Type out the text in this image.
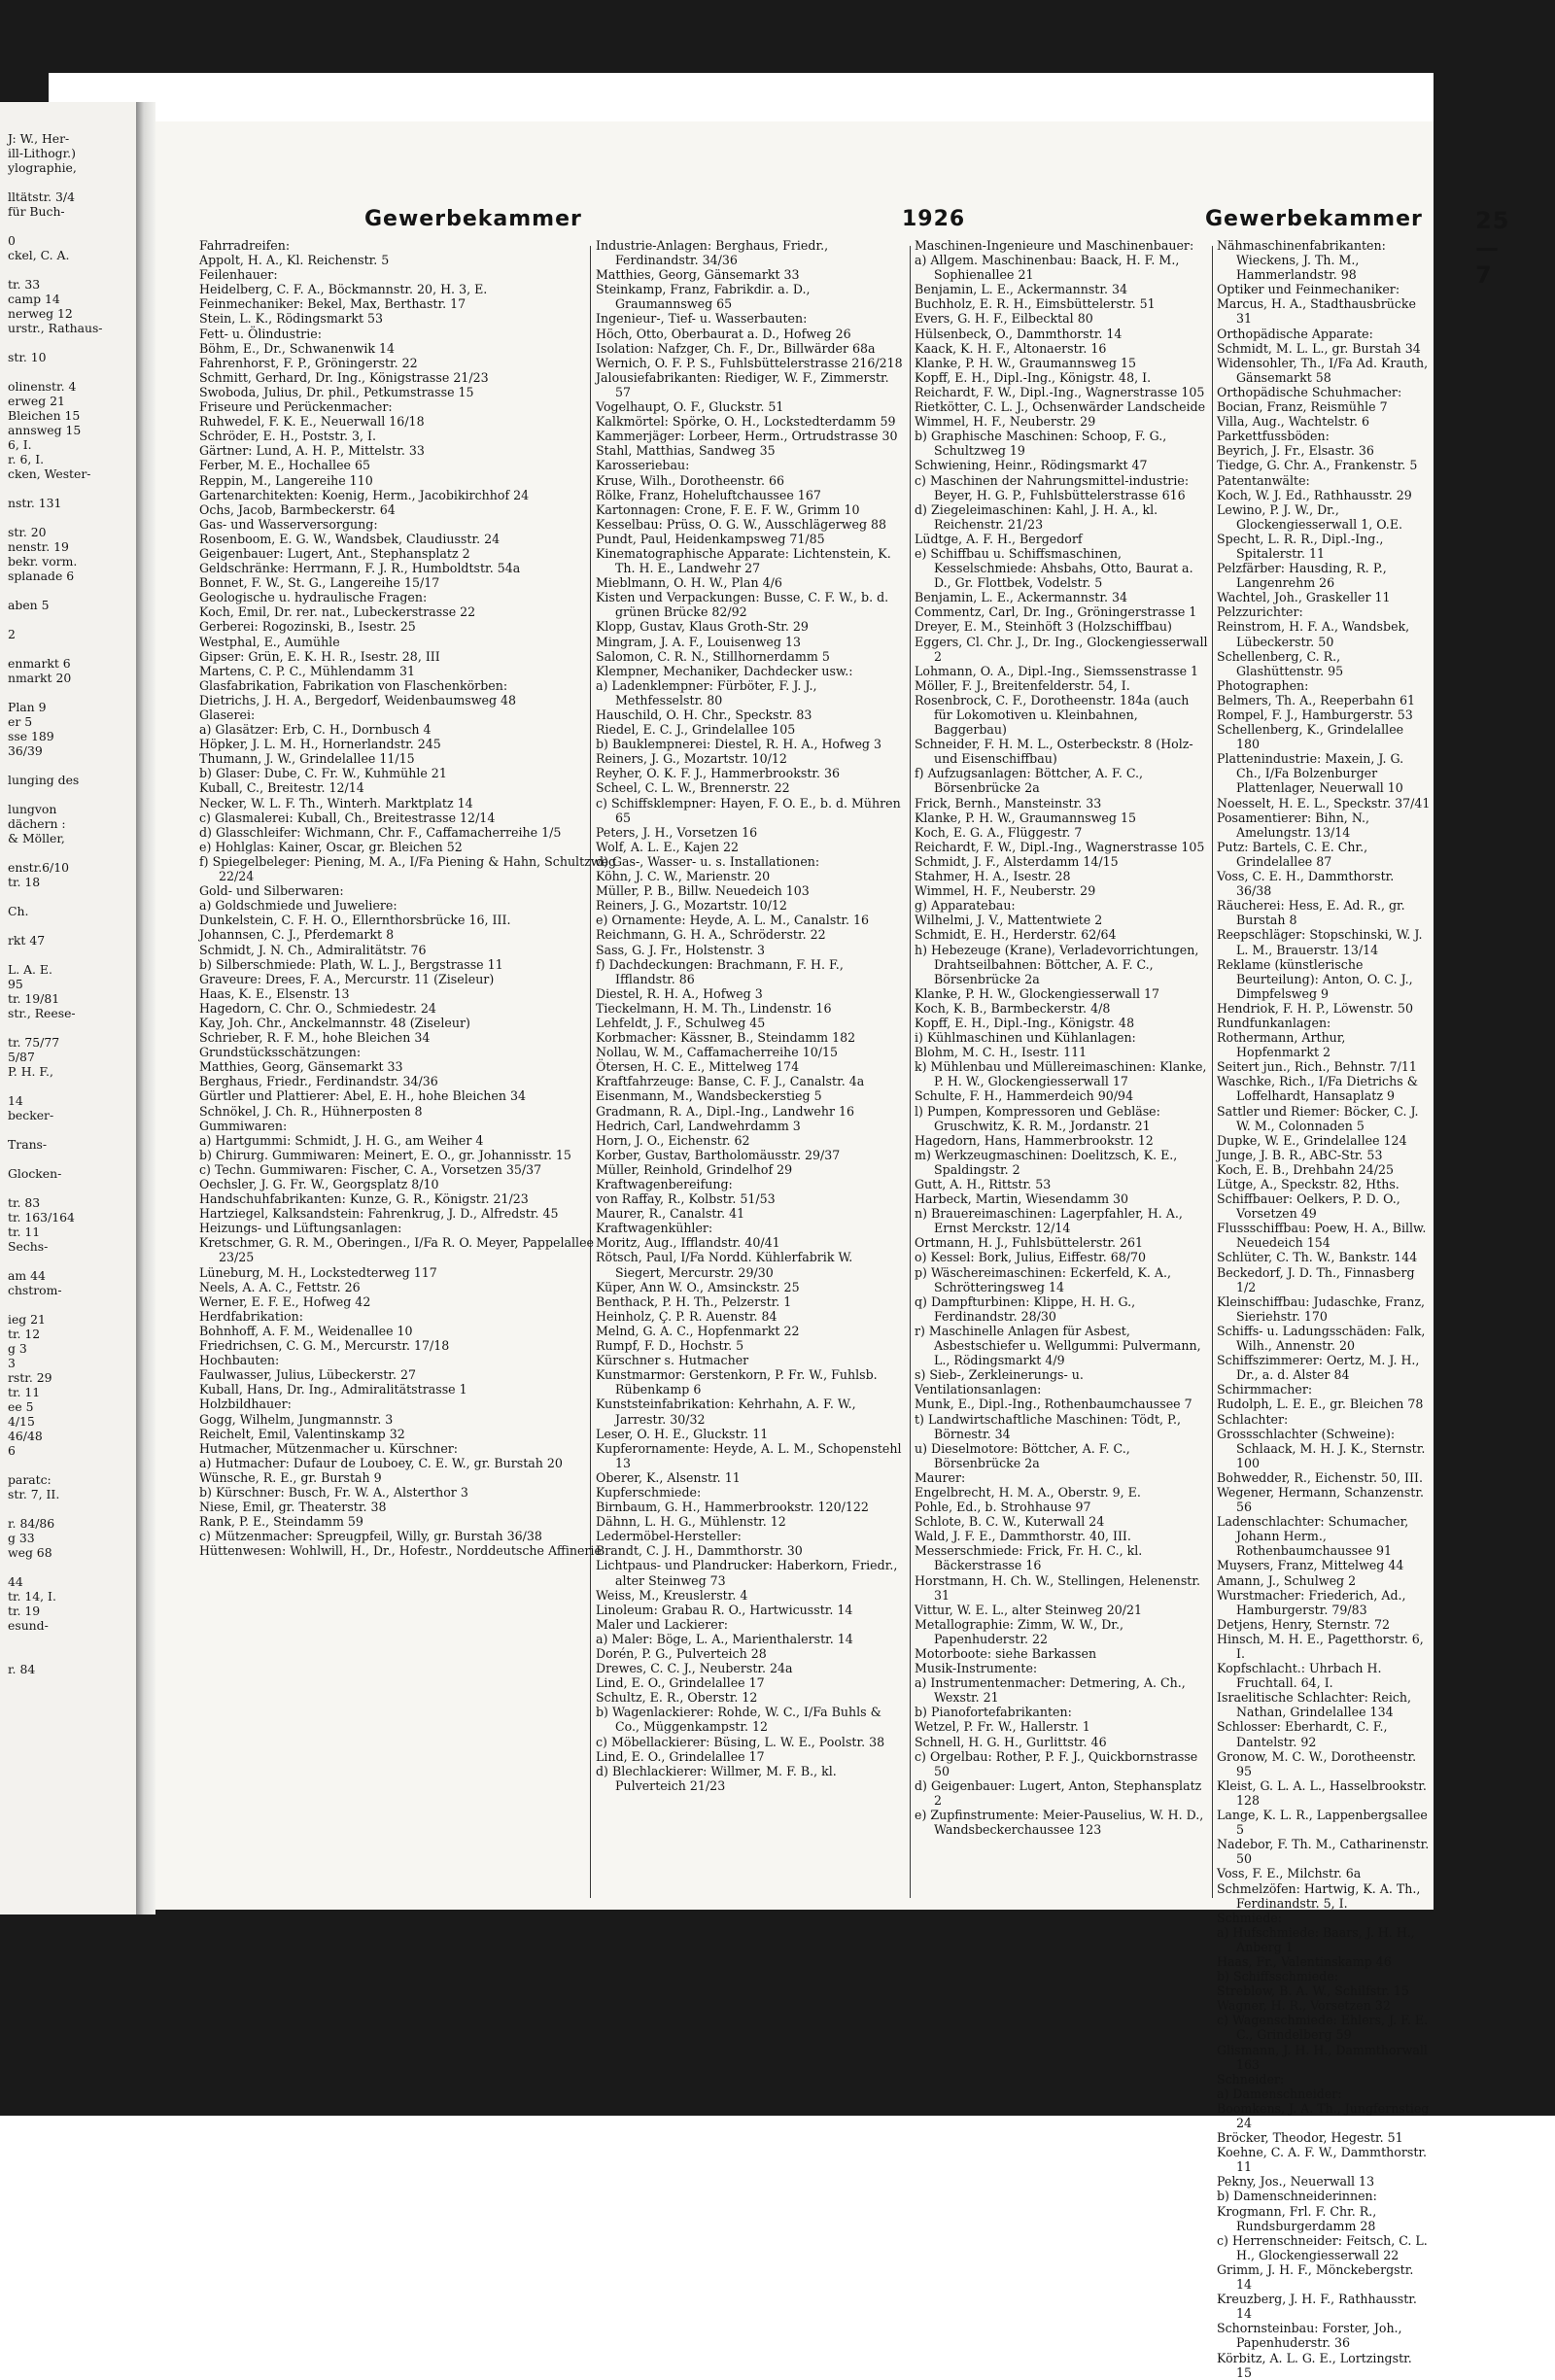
J: W., Her-

ill-Lithogr.)

ylographie,

lltätstr. 3/4

für Buch-

0

ckel, C. A.

tr. 33

camp 14

nerweg 12

urstr., Rathaus-

str. 10

olinenstr. 4

erweg 21

Bleichen 15

annsweg 15

6, I.

r. 6, I.

cken, Wester-

nstr. 131

str. 20

nenstr. 19

bekr. vorm.

splanade 6

aben 5

2

enmarkt 6

nmarkt 20

Plan 9

er 5

sse 189

36/39

lunging des

lungvon

dächern :

& Möller,

enstr.6/10

tr. 18

Ch.

rkt 47

L. A. E.

95

tr. 19/81

str., Reese-

tr. 75/77

5/87

P. H. F.,

14

becker-

Trans-

Glocken-

tr. 83

tr. 163/164

tr. 11

Sechs-

am 44

chstrom-

ieg 21

tr. 12

g 3

3

rstr. 29

tr. 11

ee 5

4/15

46/48

6

paratc:

str. 7, II.

r. 84/86

g 33

weg 68

44

tr. 14, I.

tr. 19

esund-

r. 84

Gewerbekammer	1926	Gewerbekammer 25—7

Fahrradreifen:

Appolt, H. A., Kl. Reichenstr. 5

Feilenhauer:

Heidelberg, C. F. A., Böckmannstr. 20, H. 3, E.

Feinmechaniker: Bekel, Max, Berthastr. 17

Stein, L. K., Rödingsmarkt 53

Fett- u. Ölindustrie:

Böhm, E., Dr., Schwanenwik 14

Fahrenhorst, F. P., Gröningerstr. 22

Schmitt, Gerhard, Dr. Ing., Königstrasse 21/23

Swoboda, Julius, Dr. phil., Petkumstrasse 15

Friseure und Perückenmacher:

Ruhwedel, F. K. E., Neuerwall 16/18

Schröder, E. H., Poststr. 3, I.

Gärtner: Lund, A. H. P., Mittelstr. 33

Ferber, M. E., Hochallee 65

Reppin, M., Langereihe 110

Gartenarchitekten: Koenig, Herm., Jacobikirchhof 24

Ochs, Jacob, Barmbeckerstr. 64

Gas- und Wasserversorgung:

Rosenboom, E. G. W., Wandsbek, Claudiusstr. 24

Geigenbauer: Lugert, Ant., Stephansplatz 2

Geldschränke: Herrmann, F. J. R., Humboldtstr. 54a

Bonnet, F. W., St. G., Langereihe 15/17

Geologische u. hydraulische Fragen:

Koch, Emil, Dr. rer. nat., Lubeckerstrasse 22

Gerberei: Rogozinski, B., Isestr. 25

Westphal, E., Aumühle

Gipser: Grün, E. K. H. R., Isestr. 28, III

Martens, C. P. C., Mühlendamm 31

Glasfabrikation, Fabrikation von Flaschenkörben:

Dietrichs, J. H. A., Bergedorf, Weidenbaumsweg 48

Glaserei:

a) Glasätzer: Erb, C. H., Dornbusch 4

Höpker, J. L. M. H., Hornerlandstr. 245

Thumann, J. W., Grindelallee 11/15

b) Glaser: Dube, C. Fr. W., Kuhmühle 21

Kuball, C., Breitestr. 12/14

Necker, W. L. F. Th., Winterh. Marktplatz 14

c) Glasmalerei: Kuball, Ch., Breitestrasse 12/14

d) Glasschleifer: Wichmann, Chr. F., Caffamacherreihe 1/5

e) Hohlglas: Kainer, Oscar, gr. Bleichen 52

f) Spiegelbeleger: Piening, M. A., I/Fa Piening & Hahn, Schultzweg 22/24

Gold- und Silberwaren:

a) Goldschmiede und Juweliere:

Dunkelstein, C. F. H. O., Ellernthorsbrücke 16, III.

Johannsen, C. J., Pferdemarkt 8

Schmidt, J. N. Ch., Admiralitätstr. 76

b) Silberschmiede: Plath, W. L. J., Bergstrasse 11

Graveure: Drees, F. A., Mercurstr. 11 (Ziseleur)

Haas, K. E., Elsenstr. 13

Hagedorn, C. Chr. O., Schmiedestr. 24

Kay, Joh. Chr., Anckelmannstr. 48 (Ziseleur)

Schrieber, R. F. M., hohe Bleichen 34

Grundstücksschätzungen:

Matthies, Georg, Gänsemarkt 33

Berghaus, Friedr., Ferdinandstr. 34/36

Gürtler und Plattierer: Abel, E. H., hohe Bleichen 34

Schnökel, J. Ch. R., Hühnerposten 8

Gummiwaren:

a) Hartgummi: Schmidt, J. H. G., am Weiher 4

b) Chirurg. Gummiwaren: Meinert, E. O., gr. Johannisstr. 15

c) Techn. Gummiwaren: Fischer, C. A., Vorsetzen 35/37

Oechsler, J. G. Fr. W., Georgsplatz 8/10

Handschuhfabrikanten: Kunze, G. R., Königstr. 21/23

Hartziegel, Kalksandstein: Fahrenkrug, J. D., Alfredstr. 45

Heizungs- und Lüftungsanlagen:

Kretschmer, G. R. M., Oberingen., I/Fa R. O. Meyer, Pappelallee 23/25

Lüneburg, M. H., Lockstedterweg 117

Neels, A. A. C., Fettstr. 26

Werner, E. F. E., Hofweg 42

Herdfabrikation:

Bohnhoff, A. F. M., Weidenallee 10

Friedrichsen, C. G. M., Mercurstr. 17/18

Hochbauten:

Faulwasser, Julius, Lübeckerstr. 27

Kuball, Hans, Dr. Ing., Admiralitätstrasse 1

Holzbildhauer:

Gogg, Wilhelm, Jungmannstr. 3

Reichelt, Emil, Valentinskamp 32

Hutmacher, Mützenmacher u. Kürschner:

a) Hutmacher: Dufaur de Louboey, C. E. W., gr. Burstah 20

Wünsche, R. E., gr. Burstah 9

b) Kürschner: Busch, Fr. W. A., Alsterthor 3

Niese, Emil, gr. Theaterstr. 38

Rank, P. E., Steindamm 59

c) Mützenmacher: Spreugpfeil, Willy, gr. Burstah 36/38

Hüttenwesen: Wohlwill, H., Dr., Hofestr., Norddeutsche Affinerie

Industrie-Anlagen: Berghaus, Friedr., Ferdinandstr. 34/36

Matthies, Georg, Gänsemarkt 33

Steinkamp, Franz, Fabrikdir. a. D., Graumannsweg 65

Ingenieur-, Tief- u. Wasserbauten:

Höch, Otto, Oberbaurat a. D., Hofweg 26

Isolation: Nafzger, Ch. F., Dr., Billwärder 68a

Wernich, O. F. P. S., Fuhlsbüttelerstrasse 216/218

Jalousiefabrikanten: Riediger, W. F., Zimmerstr. 57

Vogelhaupt, O. F., Gluckstr. 51

Kalkmörtel: Spörke, O. H., Lockstedterdamm 59

Kammerjäger: Lorbeer, Herm., Ortrudstrasse 30

Stahl, Matthias, Sandweg 35

Karosseriebau:

Kruse, Wilh., Dorotheenstr. 66

Rölke, Franz, Hoheluftchaussee 167

Kartonnagen: Crone, F. E. F. W., Grimm 10

Kesselbau: Prüss, O. G. W., Ausschlägerweg 88

Pundt, Paul, Heidenkampsweg 71/85

Kinematographische Apparate: Lichtenstein, K. Th. H. E., Landwehr 27

Mieblmann, O. H. W., Plan 4/6

Kisten und Verpackungen: Busse, C. F. W., b. d. grünen Brücke 82/92

Klopp, Gustav, Klaus Groth-Str. 29

Mingram, J. A. F., Louisenweg 13

Salomon, C. R. N., Stillhornerdamm 5

Klempner, Mechaniker, Dachdecker usw.:

a) Ladenklempner: Fürböter, F. J. J., Methfesselstr. 80

Hauschild, O. H. Chr., Speckstr. 83

Riedel, E. C. J., Grindelallee 105

b) Bauklempnerei: Diestel, R. H. A., Hofweg 3

Reiners, J. G., Mozartstr. 10/12

Reyher, O. K. F. J., Hammerbrookstr. 36

Scheel, C. L. W., Brennerstr. 22

c) Schiffsklempner: Hayen, F. O. E., b. d. Mühren 65

Peters, J. H., Vorsetzen 16

Wolf, A. L. E., Kajen 22

d) Gas-, Wasser- u. s. Installationen:

Köhn, J. C. W., Marienstr. 20

Müller, P. B., Billw. Neuedeich 103

Reiners, J. G., Mozartstr. 10/12

e) Ornamente: Heyde, A. L. M., Canalstr. 16

Reichmann, G. H. A., Schröderstr. 22

Sass, G. J. Fr., Holstenstr. 3

f) Dachdeckungen: Brachmann, F. H. F., Ifflandstr. 86

Diestel, R. H. A., Hofweg 3

Tieckelmann, H. M. Th., Lindenstr. 16

Lehfeldt, J. F., Schulweg 45

Korbmacher: Kässner, B., Steindamm 182

Nollau, W. M., Caffamacherreihe 10/15

Ötersen, H. C. E., Mittelweg 174

Kraftfahrzeuge: Banse, C. F. J., Canalstr. 4a

Eisenmann, M., Wandsbeckerstieg 5

Gradmann, R. A., Dipl.-Ing., Landwehr 16

Hedrich, Carl, Landwehrdamm 3

Horn, J. O., Eichenstr. 62

Korber, Gustav, Bartholomäusstr. 29/37

Müller, Reinhold, Grindelhof 29

Kraftwagenbereifung:

von Raffay, R., Kolbstr. 51/53

Maurer, R., Canalstr. 41

Kraftwagenkühler:

Moritz, Aug., Ifflandstr. 40/41

Rötsch, Paul, I/Fa Nordd. Kühlerfabrik W. Siegert, Mercurstr. 29/30

Küper, Ann W. O., Amsinckstr. 25

Benthack, P. H. Th., Pelzerstr. 1

Heinholz, Ç. P. R. Auenstr. 84

Melnd, G. A. C., Hopfenmarkt 22

Rumpf, F. D., Hochstr. 5

Kürschner s. Hutmacher

Kunstmarmor: Gerstenkorn, P. Fr. W., Fuhlsb. Rübenkamp 6

Kunststeinfabrikation: Kehrhahn, A. F. W., Jarrestr. 30/32

Leser, O. H. E., Gluckstr. 11

Kupferornamente: Heyde, A. L. M., Schopenstehl 13

Oberer, K., Alsenstr. 11

Kupferschmiede:

Birnbaum, G. H., Hammerbrookstr. 120/122

Dähnn, L. H. G., Mühlenstr. 12

Ledermöbel-Hersteller:

Brandt, C. J. H., Dammthorstr. 30

Lichtpaus- und Plandrucker: Haberkorn, Friedr., alter Steinweg 73

Weiss, M., Kreuslerstr. 4

Linoleum: Grabau R. O., Hartwicusstr. 14

Maler und Lackierer:

a) Maler: Böge, L. A., Marienthalerstr. 14

Dorén, P. G., Pulverteich 28

Drewes, C. C. J., Neuberstr. 24a

Lind, E. O., Grindelallee 17

Schultz, E. R., Oberstr. 12

b) Wagenlackierer: Rohde, W. C., I/Fa Buhls & Co., Müggenkampstr. 12

c) Möbellackierer: Büsing, L. W. E., Poolstr. 38

Lind, E. O., Grindelallee 17

d) Blechlackierer: Willmer, M. F. B., kl. Pulverteich 21/23

Maschinen-Ingenieure und Maschinenbauer:

a) Allgem. Maschinenbau: Baack, H. F. M., Sophienallee 21

Benjamin, L. E., Ackermannstr. 34

Buchholz, E. R. H., Eimsbüttelerstr. 51

Evers, G. H. F., Eilbecktal 80

Hülsenbeck, O., Dammthorstr. 14

Kaack, K. H. F., Altonaerstr. 16

Klanke, P. H. W., Graumannsweg 15

Kopff, E. H., Dipl.-Ing., Königstr. 48, I.

Reichardt, F. W., Dipl.-Ing., Wagnerstrasse 105

Rietkötter, C. L. J., Ochsenwärder Landscheide

Wimmel, H. F., Neuberstr. 29

b) Graphische Maschinen: Schoop, F. G., Schultzweg 19

Schwiening, Heinr., Rödingsmarkt 47

c) Maschinen der Nahrungsmittel-industrie: Beyer, H. G. P., Fuhlsbüttelerstrasse 616

d) Ziegeleimaschinen: Kahl, J. H. A., kl. Reichenstr. 21/23

Lüdtge, A. F. H., Bergedorf

e) Schiffbau u. Schiffsmaschinen, Kesselschmiede: Ahsbahs, Otto, Baurat a. D., Gr. Flottbek, Vodelstr. 5

Benjamin, L. E., Ackermannstr. 34

Commentz, Carl, Dr. Ing., Gröningerstrasse 1

Dreyer, E. M., Steinhöft 3 (Holzschiffbau)

Eggers, Cl. Chr. J., Dr. Ing., Glockengiesserwall 2

Lohmann, O. A., Dipl.-Ing., Siemssenstrasse 1

Möller, F. J., Breitenfelderstr. 54, I.

Rosenbrock, C. F., Dorotheenstr. 184a (auch für Lokomotiven u. Kleinbahnen, Baggerbau)

Schneider, F. H. M. L., Osterbeckstr. 8 (Holz- und Eisenschiffbau)

f) Aufzugsanlagen: Böttcher, A. F. C., Börsenbrücke 2a

Frick, Bernh., Mansteinstr. 33

Klanke, P. H. W., Graumannsweg 15

Koch, E. G. A., Flüggestr. 7

Reichardt, F. W., Dipl.-Ing., Wagnerstrasse 105

Schmidt, J. F., Alsterdamm 14/15

Stahmer, H. A., Isestr. 28

Wimmel, H. F., Neuberstr. 29

g) Apparatebau:

Wilhelmi, J. V., Mattentwiete 2

Schmidt, E. H., Herderstr. 62/64

h) Hebezeuge (Krane), Verladevorrichtungen, Drahtseilbahnen: Böttcher, A. F. C., Börsenbrücke 2a

Klanke, P. H. W., Glockengiesserwall 17

Koch, K. B., Barmbeckerstr. 4/8

Kopff, E. H., Dipl.-Ing., Königstr. 48

i) Kühlmaschinen und Kühlanlagen:

Blohm, M. C. H., Isestr. 111

k) Mühlenbau und Müllereimaschinen: Klanke, P. H. W., Glockengiesserwall 17

Schulte, F. H., Hammerdeich 90/94

l) Pumpen, Kompressoren und Gebläse: Gruschwitz, K. R. M., Jordanstr. 21

Hagedorn, Hans, Hammerbrookstr. 12

m) Werkzeugmaschinen: Doelitzsch, K. E., Spaldingstr. 2

Gutt, A. H., Rittstr. 53

Harbeck, Martin, Wiesendamm 30

n) Brauereimaschinen: Lagerpfahler, H. A., Ernst Merckstr. 12/14

Ortmann, H. J., Fuhlsbüttelerstr. 261

o) Kessel: Bork, Julius, Eiffestr. 68/70

p) Wäschereimaschinen: Eckerfeld, K. A., Schrötteringsweg 14

q) Dampfturbinen: Klippe, H. H. G., Ferdinandstr. 28/30

r) Maschinelle Anlagen für Asbest, Asbestschiefer u. Wellgummi: Pulvermann, L., Rödingsmarkt 4/9

s) Sieb-, Zerkleinerungs- u. Ventilationsanlagen:

Munk, E., Dipl.-Ing., Rothenbaumchaussee 7

t) Landwirtschaftliche Maschinen: Tödt, P., Börnestr. 34

u) Dieselmotore: Böttcher, A. F. C., Börsenbrücke 2a

Maurer:

Engelbrecht, H. M. A., Oberstr. 9, E.

Pohle, Ed., b. Strohhause 97

Schlote, B. C. W., Kuterwall 24

Wald, J. F. E., Dammthorstr. 40, III.

Messerschmiede: Frick, Fr. H. C., kl. Bäckerstrasse 16

Horstmann, H. Ch. W., Stellingen, Helenenstr. 31

Vittur, W. E. L., alter Steinweg 20/21

Metallographie: Zimm, W. W., Dr., Papenhuderstr. 22

Motorboote: siehe Barkassen

Musik-Instrumente:

a) Instrumentenmacher: Detmering, A. Ch., Wexstr. 21

b) Pianofortefabrikanten:

Wetzel, P. Fr. W., Hallerstr. 1

Schnell, H. G. H., Gurlittstr. 46

c) Orgelbau: Rother, P. F. J., Quickbornstrasse 50

d) Geigenbauer: Lugert, Anton, Stephansplatz 2

e) Zupfinstrumente: Meier-Pauselius, W. H. D., Wandsbeckerchaussee 123

Nähmaschinenfabrikanten: Wieckens, J. Th. M., Hammerlandstr. 98

Optiker und Feinmechaniker:

Marcus, H. A., Stadthausbrücke 31

Orthopädische Apparate:

Schmidt, M. L. L., gr. Burstah 34

Widensohler, Th., I/Fa Ad. Krauth, Gänsemarkt 58

Orthopädische Schuhmacher:

Bocian, Franz, Reismühle 7

Villa, Aug., Wachtelstr. 6

Parkettfussböden:

Beyrich, J. Fr., Elsastr. 36

Tiedge, G. Chr. A., Frankenstr. 5

Patentanwälte:

Koch, W. J. Ed., Rathhausstr. 29

Lewino, P. J. W., Dr., Glockengiesserwall 1, O.E.

Specht, L. R. R., Dipl.-Ing., Spitalerstr. 11

Pelzfärber: Hausding, R. P., Langenrehm 26

Wachtel, Joh., Graskeller 11

Pelzzurichter:

Reinstrom, H. F. A., Wandsbek, Lübeckerstr. 50

Schellenberg, C. R., Glashüttenstr. 95

Photographen:

Belmers, Th. A., Reeperbahn 61

Rompel, F. J., Hamburgerstr. 53

Schellenberg, K., Grindelallee 180

Plattenindustrie: Maxein, J. G. Ch., I/Fa Bolzenburger Plattenlager, Neuerwall 10

Noesselt, H. E. L., Speckstr. 37/41

Posamentierer: Bihn, N., Amelungstr. 13/14

Putz: Bartels, C. E. Chr., Grindelallee 87

Voss, C. E. H., Dammthorstr. 36/38

Räucherei: Hess, E. Ad. R., gr. Burstah 8

Reepschläger: Stopschinski, W. J. L. M., Brauerstr. 13/14

Reklame (künstlerische Beurteilung): Anton, O. C. J., Dimpfelsweg 9

Hendriok, F. H. P., Löwenstr. 50

Rundfunkanlagen:

Rothermann, Arthur, Hopfenmarkt 2

Seitert jun., Rich., Behnstr. 7/11

Waschke, Rich., I/Fa Dietrichs & Loffelhardt, Hansaplatz 9

Sattler und Riemer: Böcker, C. J. W. M., Colonnaden 5

Dupke, W. E., Grindelallee 124

Junge, J. B. R., ABC-Str. 53

Koch, E. B., Drehbahn 24/25

Lütge, A., Speckstr. 82, Hths.

Schiffbauer: Oelkers, P. D. O., Vorsetzen 49

Flussschiffbau: Poew, H. A., Billw. Neuedeich 154

Schlüter, C. Th. W., Bankstr. 144

Beckedorf, J. D. Th., Finnasberg 1/2

Kleinschiffbau: Judaschke, Franz, Sieriehstr. 170

Schiffs- u. Ladungsschäden: Falk, Wilh., Annenstr. 20

Schiffszimmerer: Oertz, M. J. H., Dr., a. d. Alster 84

Schirmmacher:

Rudolph, L. E. E., gr. Bleichen 78

Schlachter:

Grossschlachter (Schweine): Schlaack, M. H. J. K., Sternstr. 100

Bohwedder, R., Eichenstr. 50, III.

Wegener, Hermann, Schanzenstr. 56

Ladenschlachter: Schumacher, Johann Herm., Rothenbaumchaussee 91

Muysers, Franz, Mittelweg 44

Amann, J., Schulweg 2

Wurstmacher: Friederich, Ad., Hamburgerstr. 79/83

Detjens, Henry, Sternstr. 72

Hinsch, M. H. E., Pagetthorstr. 6, I.

Kopfschlacht.: Uhrbach H. Fruchtall. 64, I.

Israelitische Schlachter: Reich, Nathan, Grindelallee 134

Schlosser: Eberhardt, C. F., Dantelstr. 92

Gronow, M. C. W., Dorotheenstr. 95

Kleist, G. L. A. L., Hasselbrookstr. 128

Lange, K. L. R., Lappenbergsallee 5

Nadebor, F. Th. M., Catharinenstr. 50

Voss, F. E., Milchstr. 6a

Schmelzöfen: Hartwig, K. A. Th., Ferdinandstr. 5, I.

Schmiede:

a) Hufschmiede: Baars, J. H. H., Anberg 1

Haas, Fr., Valentinskamp 46

b) Schiffsschmiede:

Streblow, B. A. W., Schilfstr. 15

Wagner, H. R., Vorsetzen 32

c) Wagenschmiede: Ehlers, J. F. E. C., Grindelberg 59

Glismann, J. H. H., Dammthorwall 163

Schneider:

a) Damenschneider:

Boomkens, J. A. Th., Jungfernstieg 24

Bröcker, Theodor, Hegestr. 51

Koehne, C. A. F. W., Dammthorstr. 11

Pekny, Jos., Neuerwall 13

b) Damenschneiderinnen:

Krogmann, Frl. F. Chr. R., Rundsburgerdamm 28

c) Herrenschneider: Feitsch, C. L. H., Glockengiesserwall 22

Grimm, J. H. F., Mönckebergstr. 14

Kreuzberg, J. H. F., Rathhausstr. 14

Schornsteinbau: Forster, Joh., Papenhuderstr. 36

Körbitz, A. L. G. E., Lortzingstr. 15
